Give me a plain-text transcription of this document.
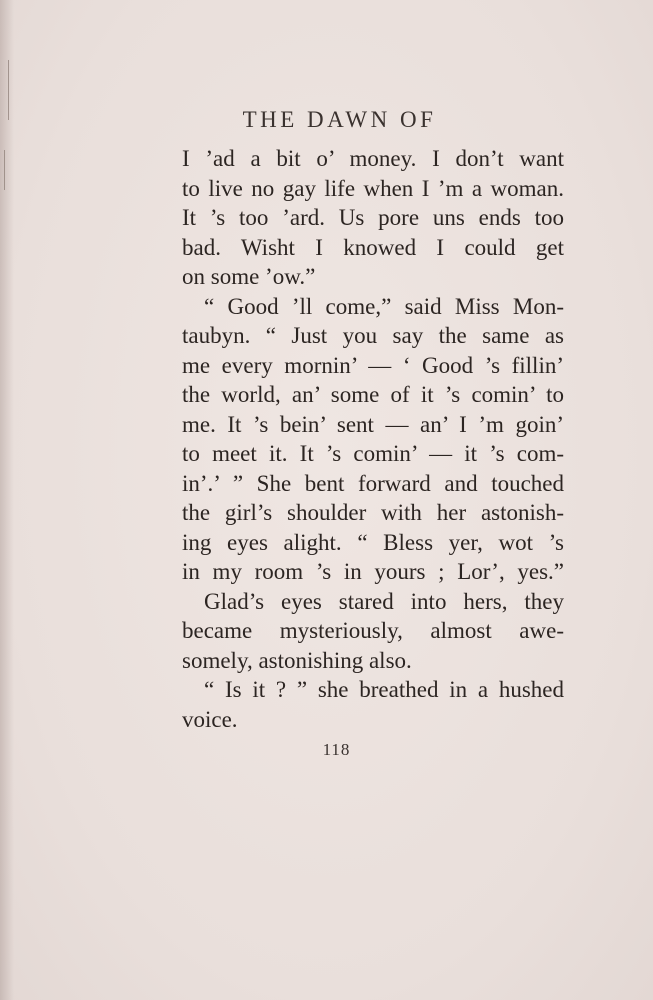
THE DAWN OF
I ’ad a bit o’ money. I don’t want
to live no gay life when I ’m a woman.
It ’s too ’ard. Us pore uns ends too
bad. Wisht I knowed I could get
on some ’ow.”
“ Good ’ll come,” said Miss Mon-
taubyn. “ Just you say the same as
me every mornin’ — ‘ Good ’s fillin’
the world, an’ some of it ’s comin’ to
me. It ’s bein’ sent — an’ I ’m goin’
to meet it. It ’s comin’ — it ’s com-
in’.’ ” She bent forward and touched
the girl’s shoulder with her astonish-
ing eyes alight. “ Bless yer, wot ’s
in my room ’s in yours ; Lor’, yes.”
Glad’s eyes stared into hers, they
became mysteriously, almost awe-
somely, astonishing also.
“ Is it ? ” she breathed in a hushed
voice.
118
